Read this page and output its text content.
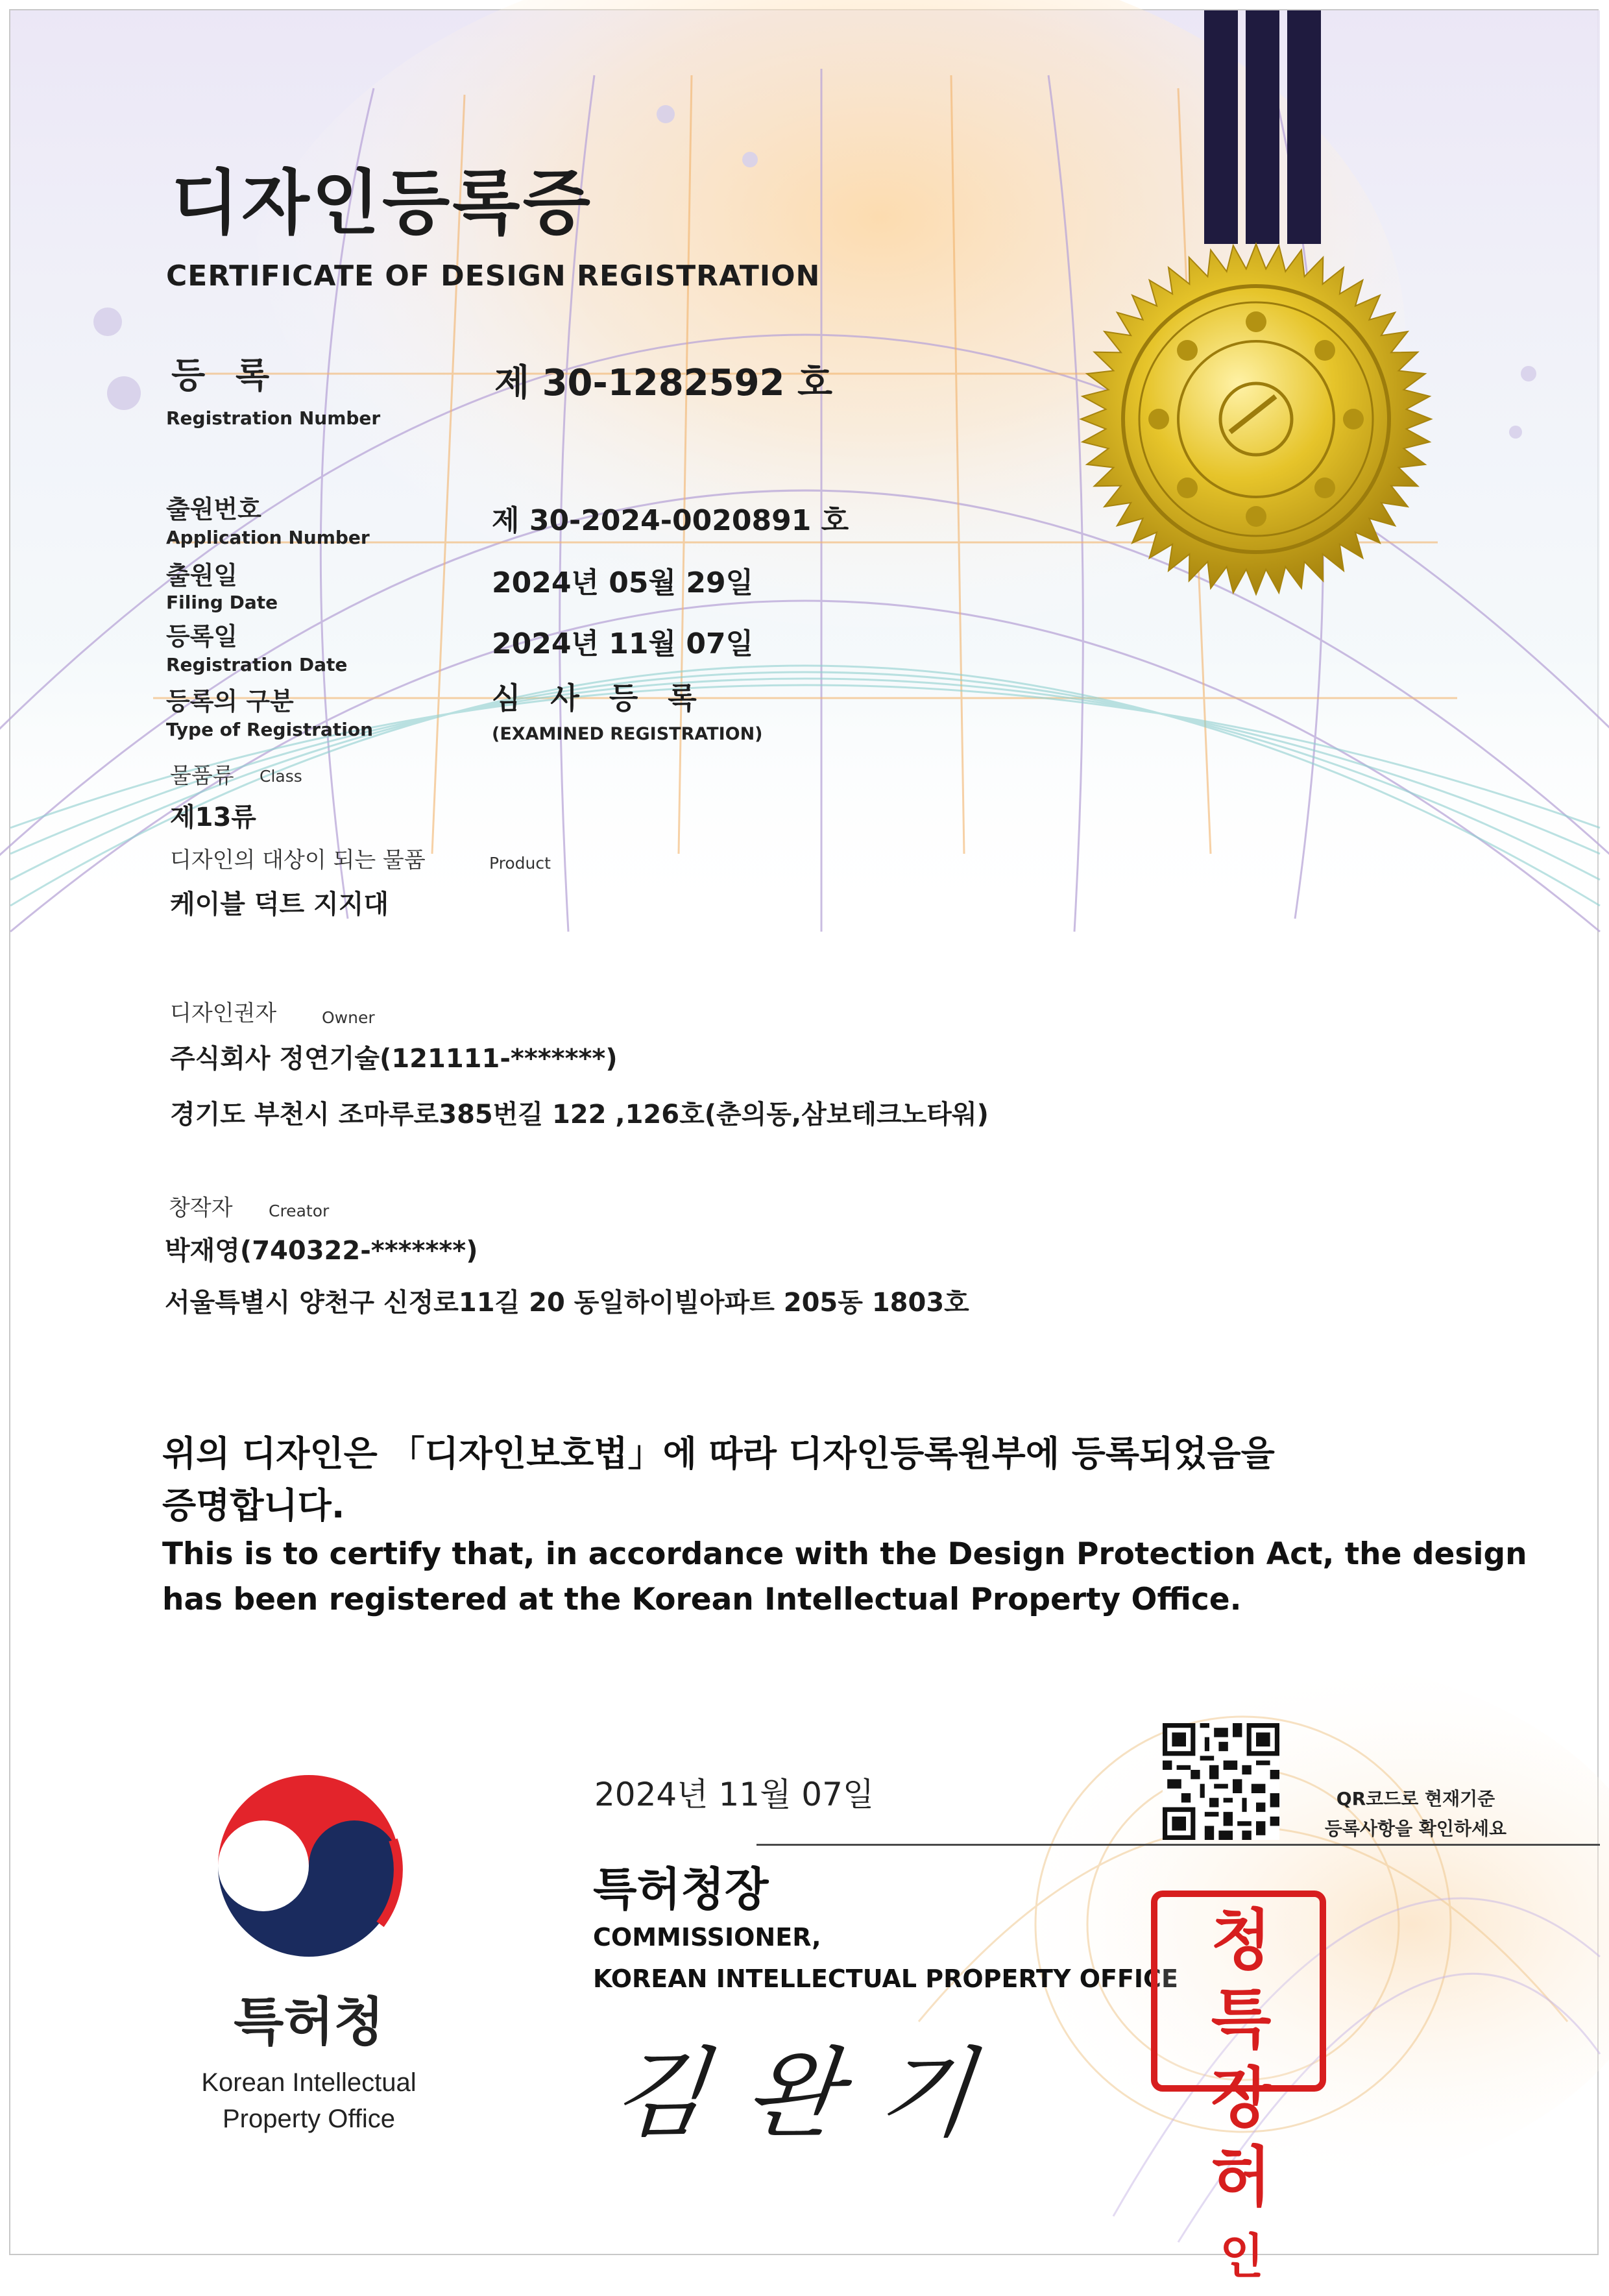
디자인등록증
CERTIFICATE OF DESIGN REGISTRATION
등 록
Registration Number
제 30-1282592 호
출원번호
Application Number
제 30-2024-0020891 호
출원일
Filing Date
2024년 05월 29일
등록일
Registration Date
2024년 11월 07일
등록의 구분
Type of Registration
심사등록
(EXAMINED REGISTRATION)
물품류 Class
제13류
디자인의 대상이 되는 물품	Product
케이블 덕트 지지대
디자인권자	Owner
주식회사 정연기술(121111-*******)
경기도 부천시 조마루로385번길 122 ,126호(춘의동,삼보테크노타워)
창작자 Creator
박재영(740322-*******)
서울특별시 양천구 신정로11길 20 동일하이빌아파트 205동 1803호
위의 디자인은 「디자인보호법」에 따라 디자인등록원부에 등록되었음을
증명합니다.
This is to certify that, in accordance with the Design Protection Act, the design
has been registered at the Korean Intellectual Property Office.
2024년 11월 07일	QR코드로 현재기준
등록사항을 확인하세요
특허청장
COMMISSIONER,
KOREAN INTELLECTUAL PROPERTY OFFICE
김완기
청 특
장 허
인
특허청
Korean Intellectual
Property Office
